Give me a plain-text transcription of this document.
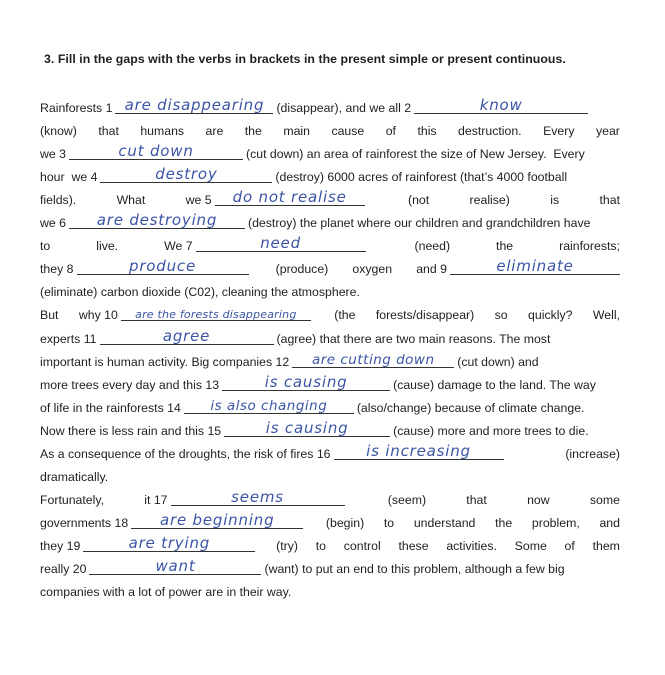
3. Fill in the gaps with the verbs in brackets in the present simple or present continuous.
Rainforests 1 are disappearing (disappear), and we all 2	know
(know) that humans are the main cause of this destruction. Every year
we 3	cut down	(cut down) an area of rainforest the size of New Jersey.  Every
hour  we 4	destroy	(destroy) 6000 acres of rainforest (that’s 4000 football
fields).	What	we 5	do not realise	(not	realise)	is	that
we 6	are destroying	(destroy) the planet where our children and grandchildren have
to	live.	We 7	need	(need)	the	rainforests;
they 8	produce	(produce) oxygen and 9	eliminate
(eliminate) carbon dioxide (C02), cleaning the atmosphere.
But why 10	are the forests disappearing	(the forests/disappear) so quickly? Well,
experts 11	agree	(agree) that there are two main reasons. The most
important is human activity. Big companies 12	are cutting down	(cut down) and
more trees every day and this 13	is causing	(cause) damage to the land. The way
of life in the rainforests 14	is also changing	(also/change) because of climate change.
Now there is less rain and this 15	is causing	(cause) more and more trees to die.
As a consequence of the droughts, the risk of fires 16	is increasing	(increase)
dramatically.
Fortunately,	it 17	seems	(seem)	that	now	some
governments 18	are beginning	(begin) to understand the problem, and
they 19	are trying	(try) to control these activities. Some of them
really 20	want	(want) to put an end to this problem, although a few big
companies with a lot of power are in their way.
